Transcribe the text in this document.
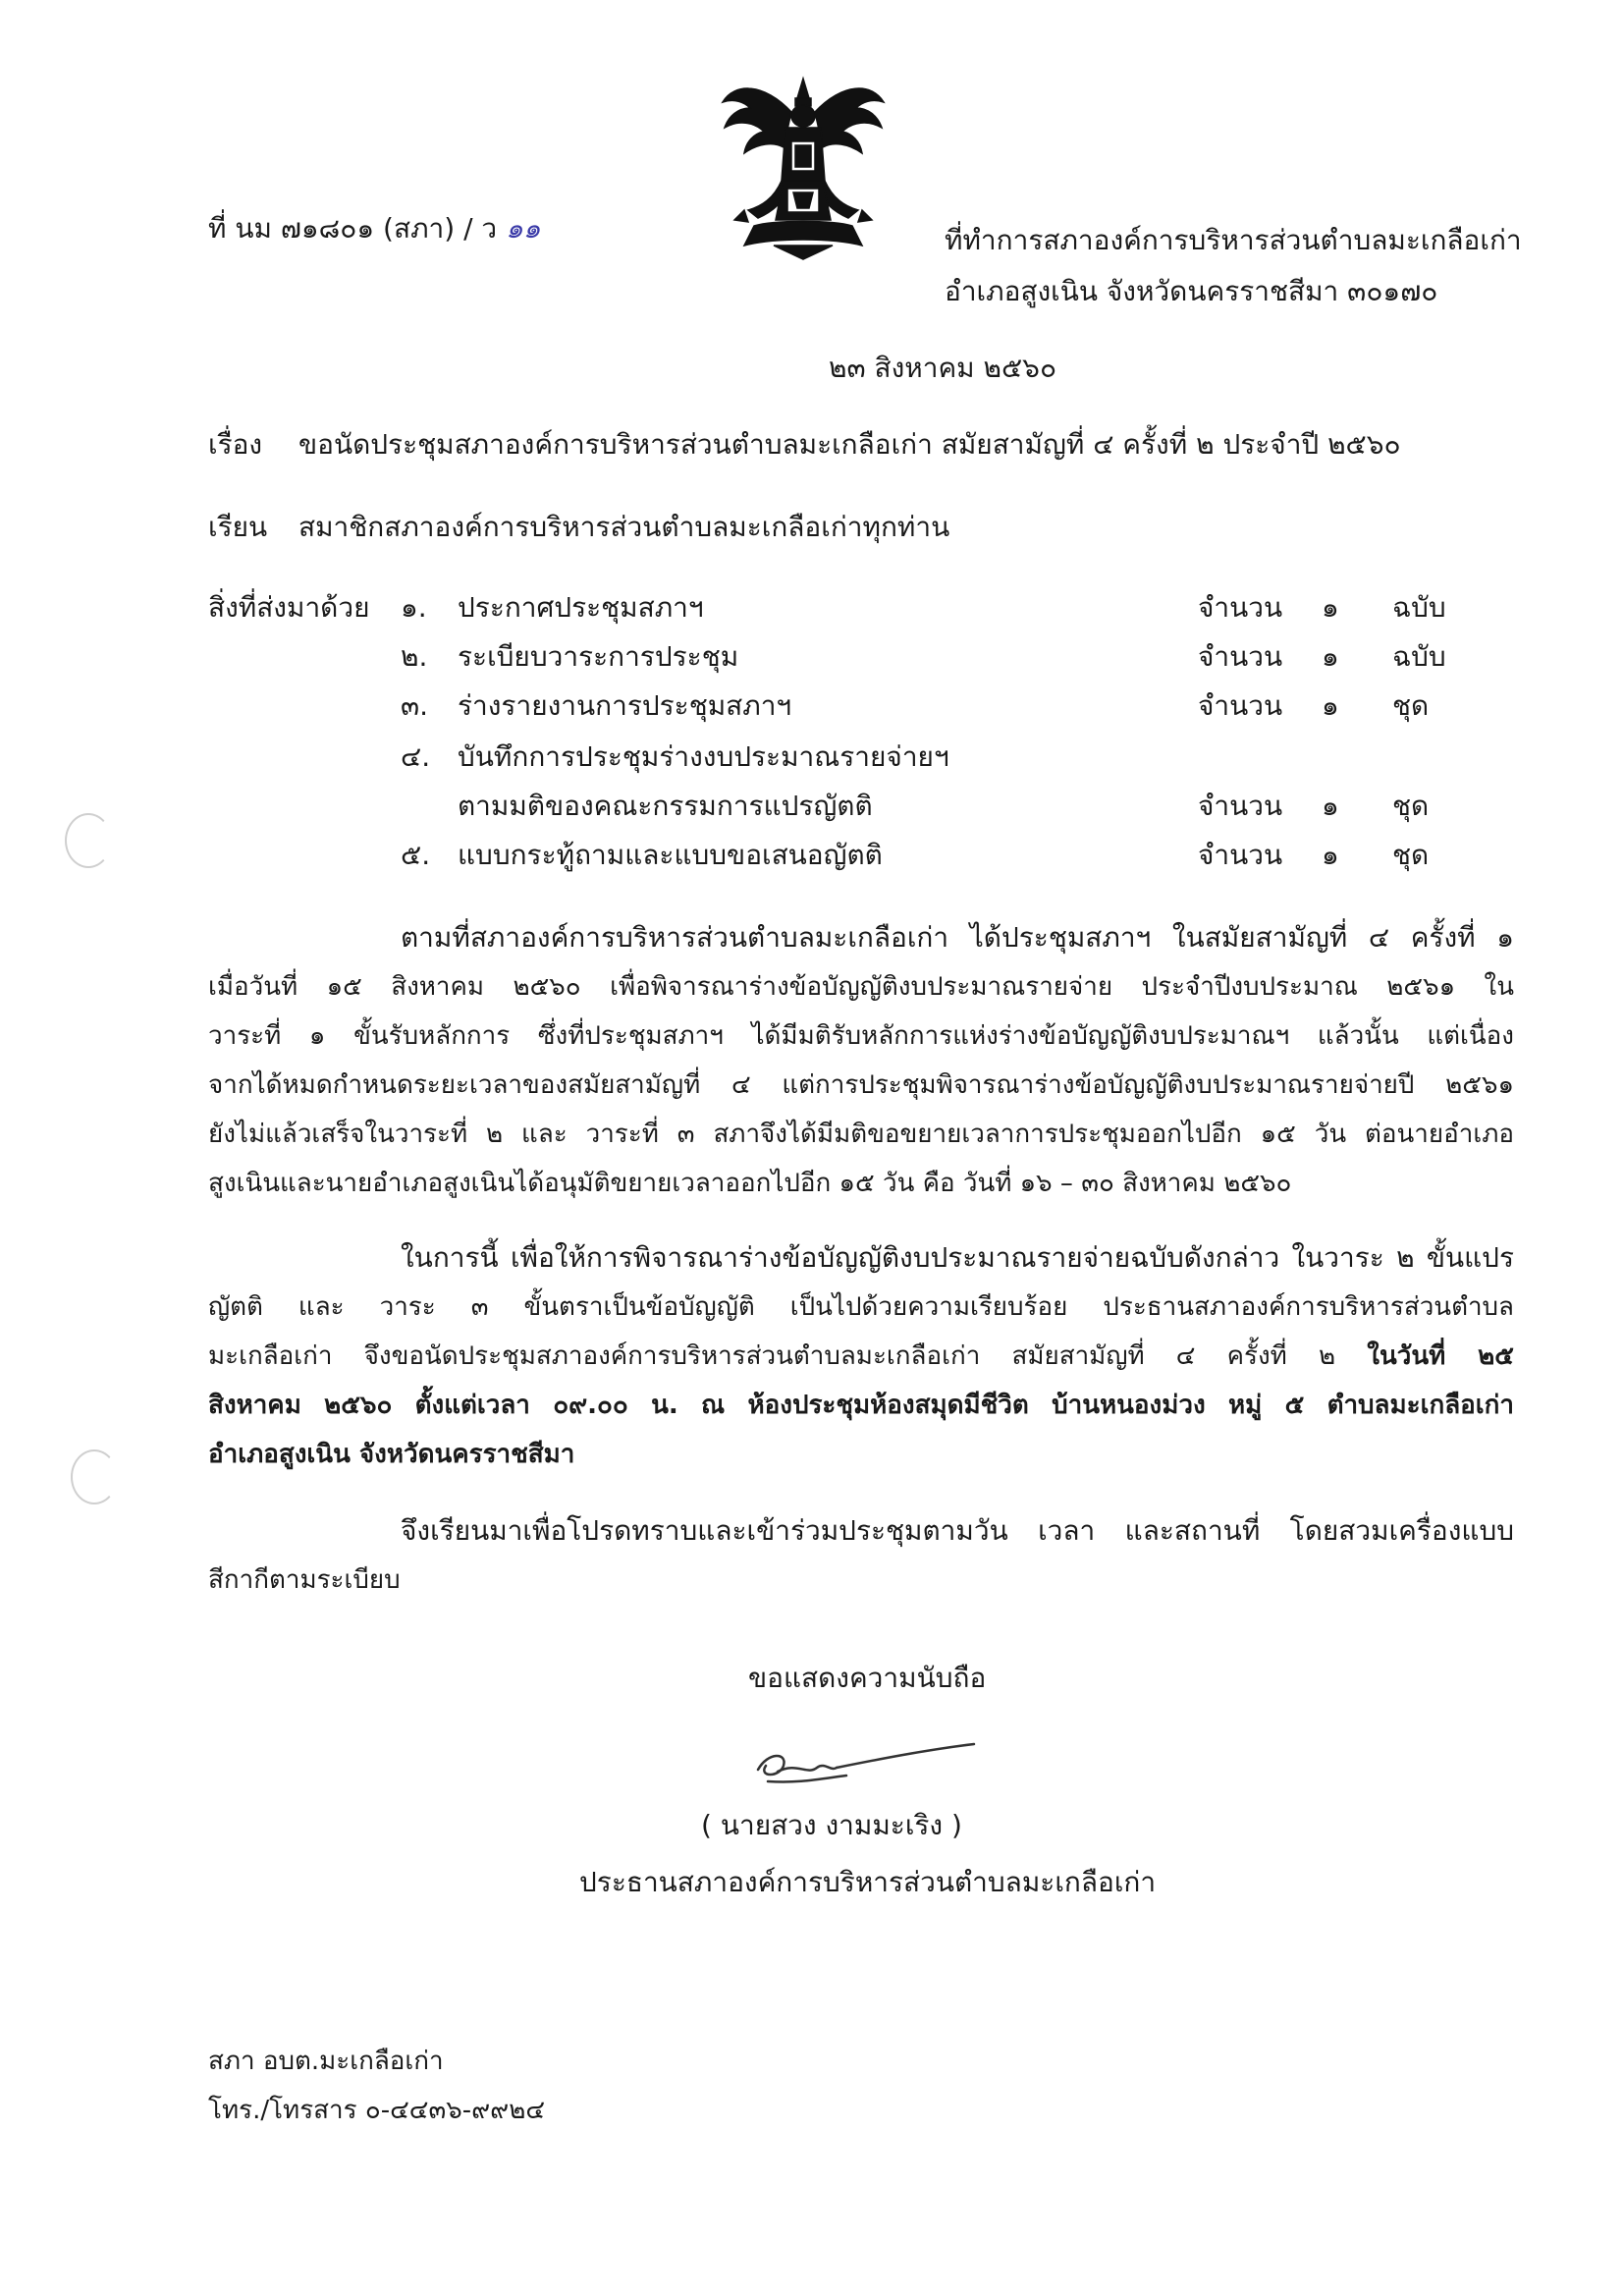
ที่ นม ๗๑๘๐๑ (สภา) / ว ๑๑	ที่ทำการสภาองค์การบริหารส่วนตำบลมะเกลือเก่า
อำเภอสูงเนิน จังหวัดนครราชสีมา ๓๐๑๗๐
๒๓ สิงหาคม ๒๕๖๐
เรื่อง ขอนัดประชุมสภาองค์การบริหารส่วนตำบลมะเกลือเก่า สมัยสามัญที่ ๔ ครั้งที่ ๒ ประจำปี ๒๕๖๐
เรียน สมาชิกสภาองค์การบริหารส่วนตำบลมะเกลือเก่าทุกท่าน
สิ่งที่ส่งมาด้วย ๑. ประกาศประชุมสภาฯ	จำนวน ๑ ฉบับ
๒. ระเบียบวาระการประชุม	จำนวน ๑ ฉบับ
๓. ร่างรายงานการประชุมสภาฯ	จำนวน ๑ ชุด
๔. บันทึกการประชุมร่างงบประมาณรายจ่ายฯ
ตามมติของคณะกรรมการแปรญัตติ	จำนวน ๑ ชุด
๕. แบบกระทู้ถามและแบบขอเสนอญัตติ	จำนวน ๑ ชุด
ตามที่สภาองค์การบริหารส่วนตำบลมะเกลือเก่า ได้ประชุมสภาฯ ในสมัยสามัญที่ ๔ ครั้งที่ ๑
เมื่อวันที่ ๑๕ สิงหาคม ๒๕๖๐ เพื่อพิจารณาร่างข้อบัญญัติงบประมาณรายจ่าย ประจำปีงบประมาณ ๒๕๖๑ ใน
วาระที่ ๑ ขั้นรับหลักการ ซึ่งที่ประชุมสภาฯ ได้มีมติรับหลักการแห่งร่างข้อบัญญัติงบประมาณฯ แล้วนั้น แต่เนื่อง
จากได้หมดกำหนดระยะเวลาของสมัยสามัญที่ ๔ แต่การประชุมพิจารณาร่างข้อบัญญัติงบประมาณรายจ่ายปี ๒๕๖๑
ยังไม่แล้วเสร็จในวาระที่ ๒ และ วาระที่ ๓ สภาจึงได้มีมติขอขยายเวลาการประชุมออกไปอีก ๑๕ วัน ต่อนายอำเภอ
สูงเนินและนายอำเภอสูงเนินได้อนุมัติขยายเวลาออกไปอีก ๑๕ วัน คือ วันที่ ๑๖ – ๓๐ สิงหาคม ๒๕๖๐
ในการนี้ เพื่อให้การพิจารณาร่างข้อบัญญัติงบประมาณรายจ่ายฉบับดังกล่าว ในวาระ ๒ ขั้นแปร
ญัตติ และ วาระ ๓ ขั้นตราเป็นข้อบัญญัติ เป็นไปด้วยความเรียบร้อย ประธานสภาองค์การบริหารส่วนตำบล
มะเกลือเก่า จึงขอนัดประชุมสภาองค์การบริหารส่วนตำบลมะเกลือเก่า สมัยสามัญที่ ๔ ครั้งที่ ๒ ในวันที่ ๒๕
สิงหาคม ๒๕๖๐ ตั้งแต่เวลา ๐๙.๐๐ น. ณ ห้องประชุมห้องสมุดมีชีวิต บ้านหนองม่วง หมู่ ๕ ตำบลมะเกลือเก่า
อำเภอสูงเนิน จังหวัดนครราชสีมา
จึงเรียนมาเพื่อโปรดทราบและเข้าร่วมประชุมตามวัน เวลา และสถานที่ โดยสวมเครื่องแบบ
สีกากีตามระเบียบ
ขอแสดงความนับถือ
( นายสวง งามมะเริง )
ประธานสภาองค์การบริหารส่วนตำบลมะเกลือเก่า
สภา อบต.มะเกลือเก่า
โทร./โทรสาร ๐-๔๔๓๖-๙๙๒๔
